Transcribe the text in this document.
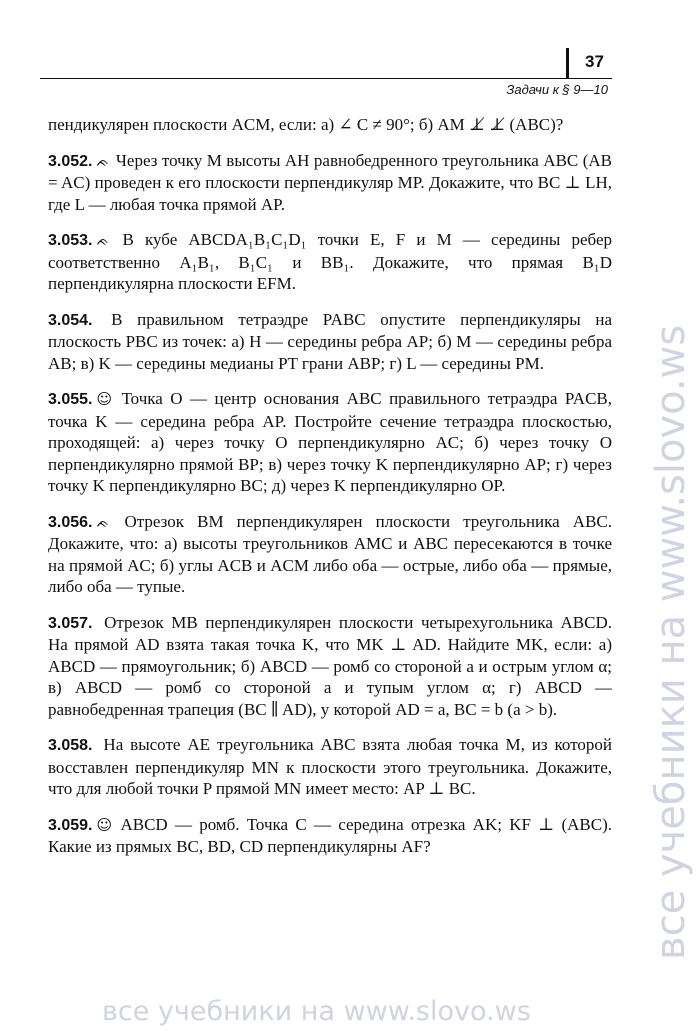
37
Задачи к § 9—10

пендикулярен плоскости ACM, если: а) ∠ C ≠ 90°; б) AM ⊥̸ ⊥̸ (ABC)?

3.052. ᨃ Через точку M высоты AH равнобедренного треугольника ABC (AB = AC) проведен к его плоскости перпендикуляр MP. Докажите, что BC ⊥ LH, где L — любая точка прямой AP.

3.053. ᨃ В кубе ABCDA₁B₁C₁D₁ точки E, F и M — середины ребер соответственно A₁B₁, B₁C₁ и BB₁. Докажите, что прямая B₁D перпендикулярна плоскости EFM.

3.054. В правильном тетраэдре PABC опустите перпендикуляры на плоскость PBC из точек: а) H — середины ребра AP; б) M — середины ребра AB; в) K — середины медианы PT грани ABP; г) L — середины PM.

3.055. ☺ Точка O — центр основания ABC правильного тетраэдра PACB, точка K — середина ребра AP. Постройте сечение тетраэдра плоскостью, проходящей: а) через точку O перпендикулярно AC; б) через точку O перпендикулярно прямой BP; в) через точку K перпендикулярно AP; г) через точку K перпендикулярно BC; д) через K перпендикулярно OP.

3.056. ᨃ Отрезок BM перпендикулярен плоскости треугольника ABC. Докажите, что: а) высоты треугольников AMC и ABC пересекаются в точке на прямой AC; б) углы ACB и ACM либо оба — острые, либо оба — прямые, либо оба — тупые.

3.057. Отрезок MB перпендикулярен плоскости четырехугольника ABCD. На прямой AD взята такая точка K, что MK ⊥ AD. Найдите MK, если: а) ABCD — прямоугольник; б) ABCD — ромб со стороной a и острым углом α; в) ABCD — ромб со стороной a и тупым углом α; г) ABCD — равнобедренная трапеция (BC ∥ AD), у которой AD = a, BC = b (a > b).

3.058. На высоте AE треугольника ABC взята любая точка M, из которой восставлен перпендикуляр MN к плоскости этого треугольника. Докажите, что для любой точки P прямой MN имеет место: AP ⊥ BC.

3.059. ☺ ABCD — ромб. Точка C — середина отрезка AK; KF ⊥ (ABC). Какие из прямых BC, BD, CD перпендикулярны AF?	все учебники на www.slovo.ws
все учебники на www.slovo.ws
